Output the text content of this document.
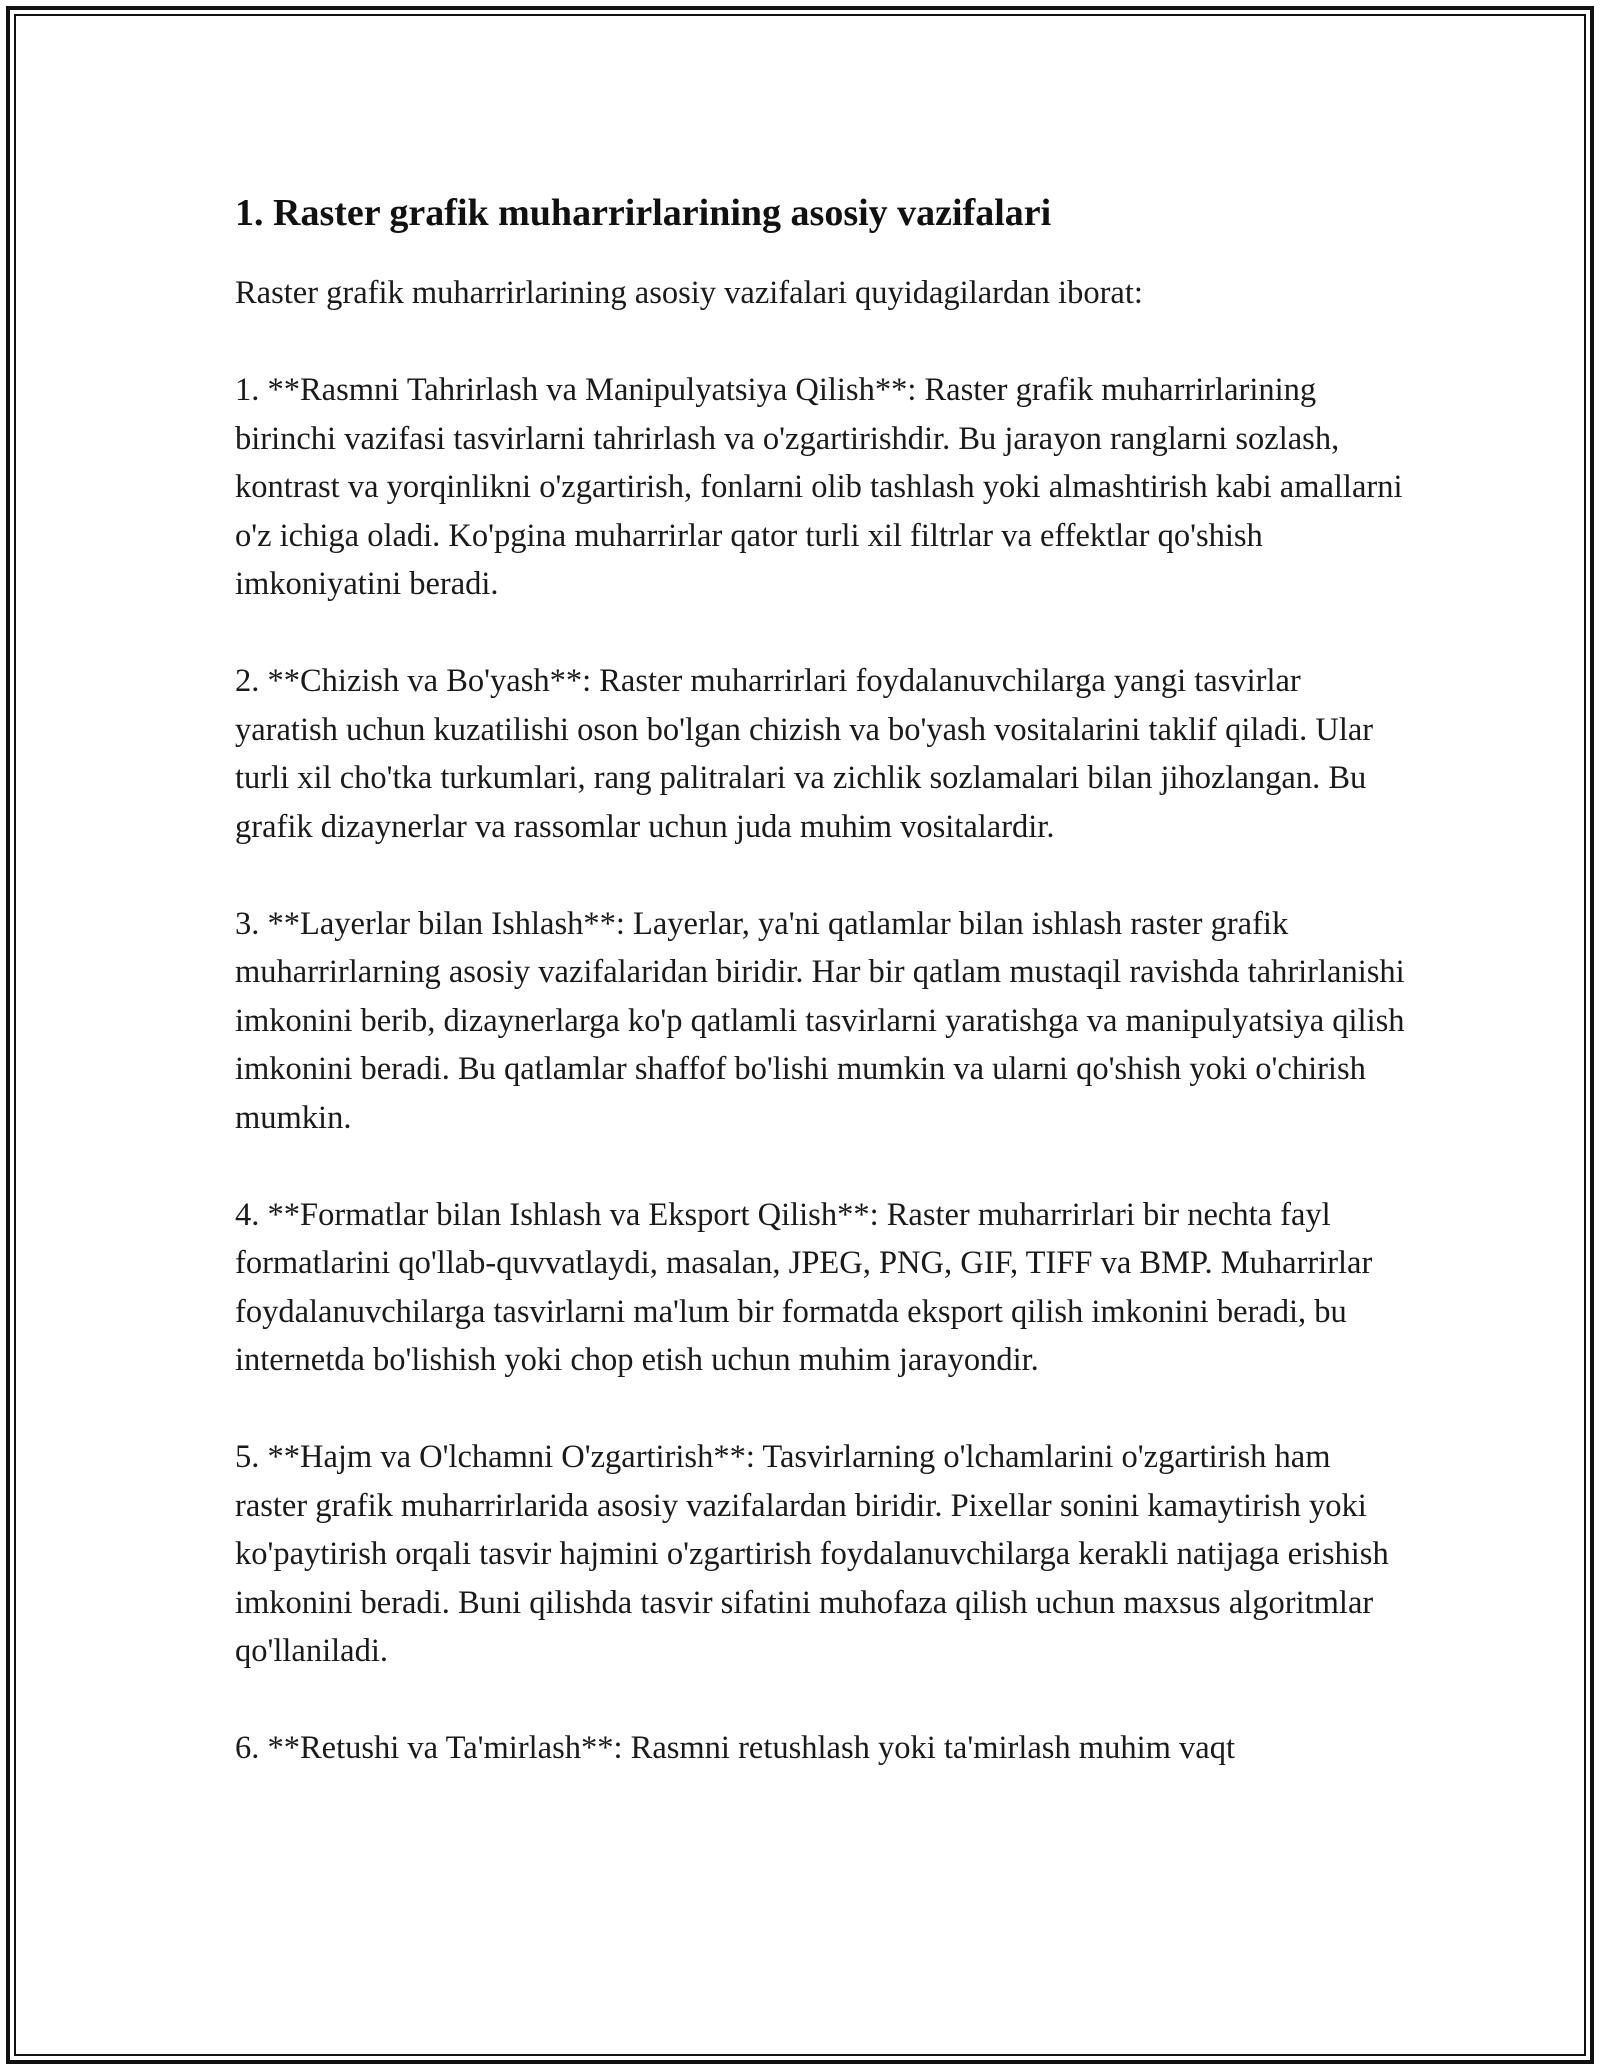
1. Raster grafik muharrirlarining asosiy vazifalari

Raster grafik muharrirlarining asosiy vazifalari quyidagilardan iborat:

1. **Rasmni Tahrirlash va Manipulyatsiya Qilish**: Raster grafik muharrirlarining birinchi vazifasi tasvirlarni tahrirlash va o'zgartirishdir. Bu jarayon ranglarni sozlash, kontrast va yorqinlikni o'zgartirish, fonlarni olib tashlash yoki almashtirish kabi amallarni o'z ichiga oladi. Ko'pgina muharrirlar qator turli xil filtrlar va effektlar qo'shish imkoniyatini beradi.

2. **Chizish va Bo'yash**: Raster muharrirlari foydalanuvchilarga yangi tasvirlar yaratish uchun kuzatilishi oson bo'lgan chizish va bo'yash vositalarini taklif qiladi. Ular turli xil cho'tka turkumlari, rang palitralari va zichlik sozlamalari bilan jihozlangan. Bu grafik dizaynerlar va rassomlar uchun juda muhim vositalardir.

3. **Layerlar bilan Ishlash**: Layerlar, ya'ni qatlamlar bilan ishlash raster grafik muharrirlarning asosiy vazifalaridan biridir. Har bir qatlam mustaqil ravishda tahrirlanishi imkonini berib, dizaynerlarga ko'p qatlamli tasvirlarni yaratishga va manipulyatsiya qilish imkonini beradi. Bu qatlamlar shaffof bo'lishi mumkin va ularni qo'shish yoki o'chirish mumkin.

4. **Formatlar bilan Ishlash va Eksport Qilish**: Raster muharrirlari bir nechta fayl formatlarini qo'llab-quvvatlaydi, masalan, JPEG, PNG, GIF, TIFF va BMP. Muharrirlar foydalanuvchilarga tasvirlarni ma'lum bir formatda eksport qilish imkonini beradi, bu internetda bo'lishish yoki chop etish uchun muhim jarayondir.

5. **Hajm va O'lchamni O'zgartirish**: Tasvirlarning o'lchamlarini o'zgartirish ham raster grafik muharrirlarida asosiy vazifalardan biridir. Pixellar sonini kamaytirish yoki ko'paytirish orqali tasvir hajmini o'zgartirish foydalanuvchilarga kerakli natijaga erishish imkonini beradi. Buni qilishda tasvir sifatini muhofaza qilish uchun maxsus algoritmlar qo'llaniladi.

6. **Retushi va Ta'mirlash**: Rasmni retushlash yoki ta'mirlash muhim vaqt
